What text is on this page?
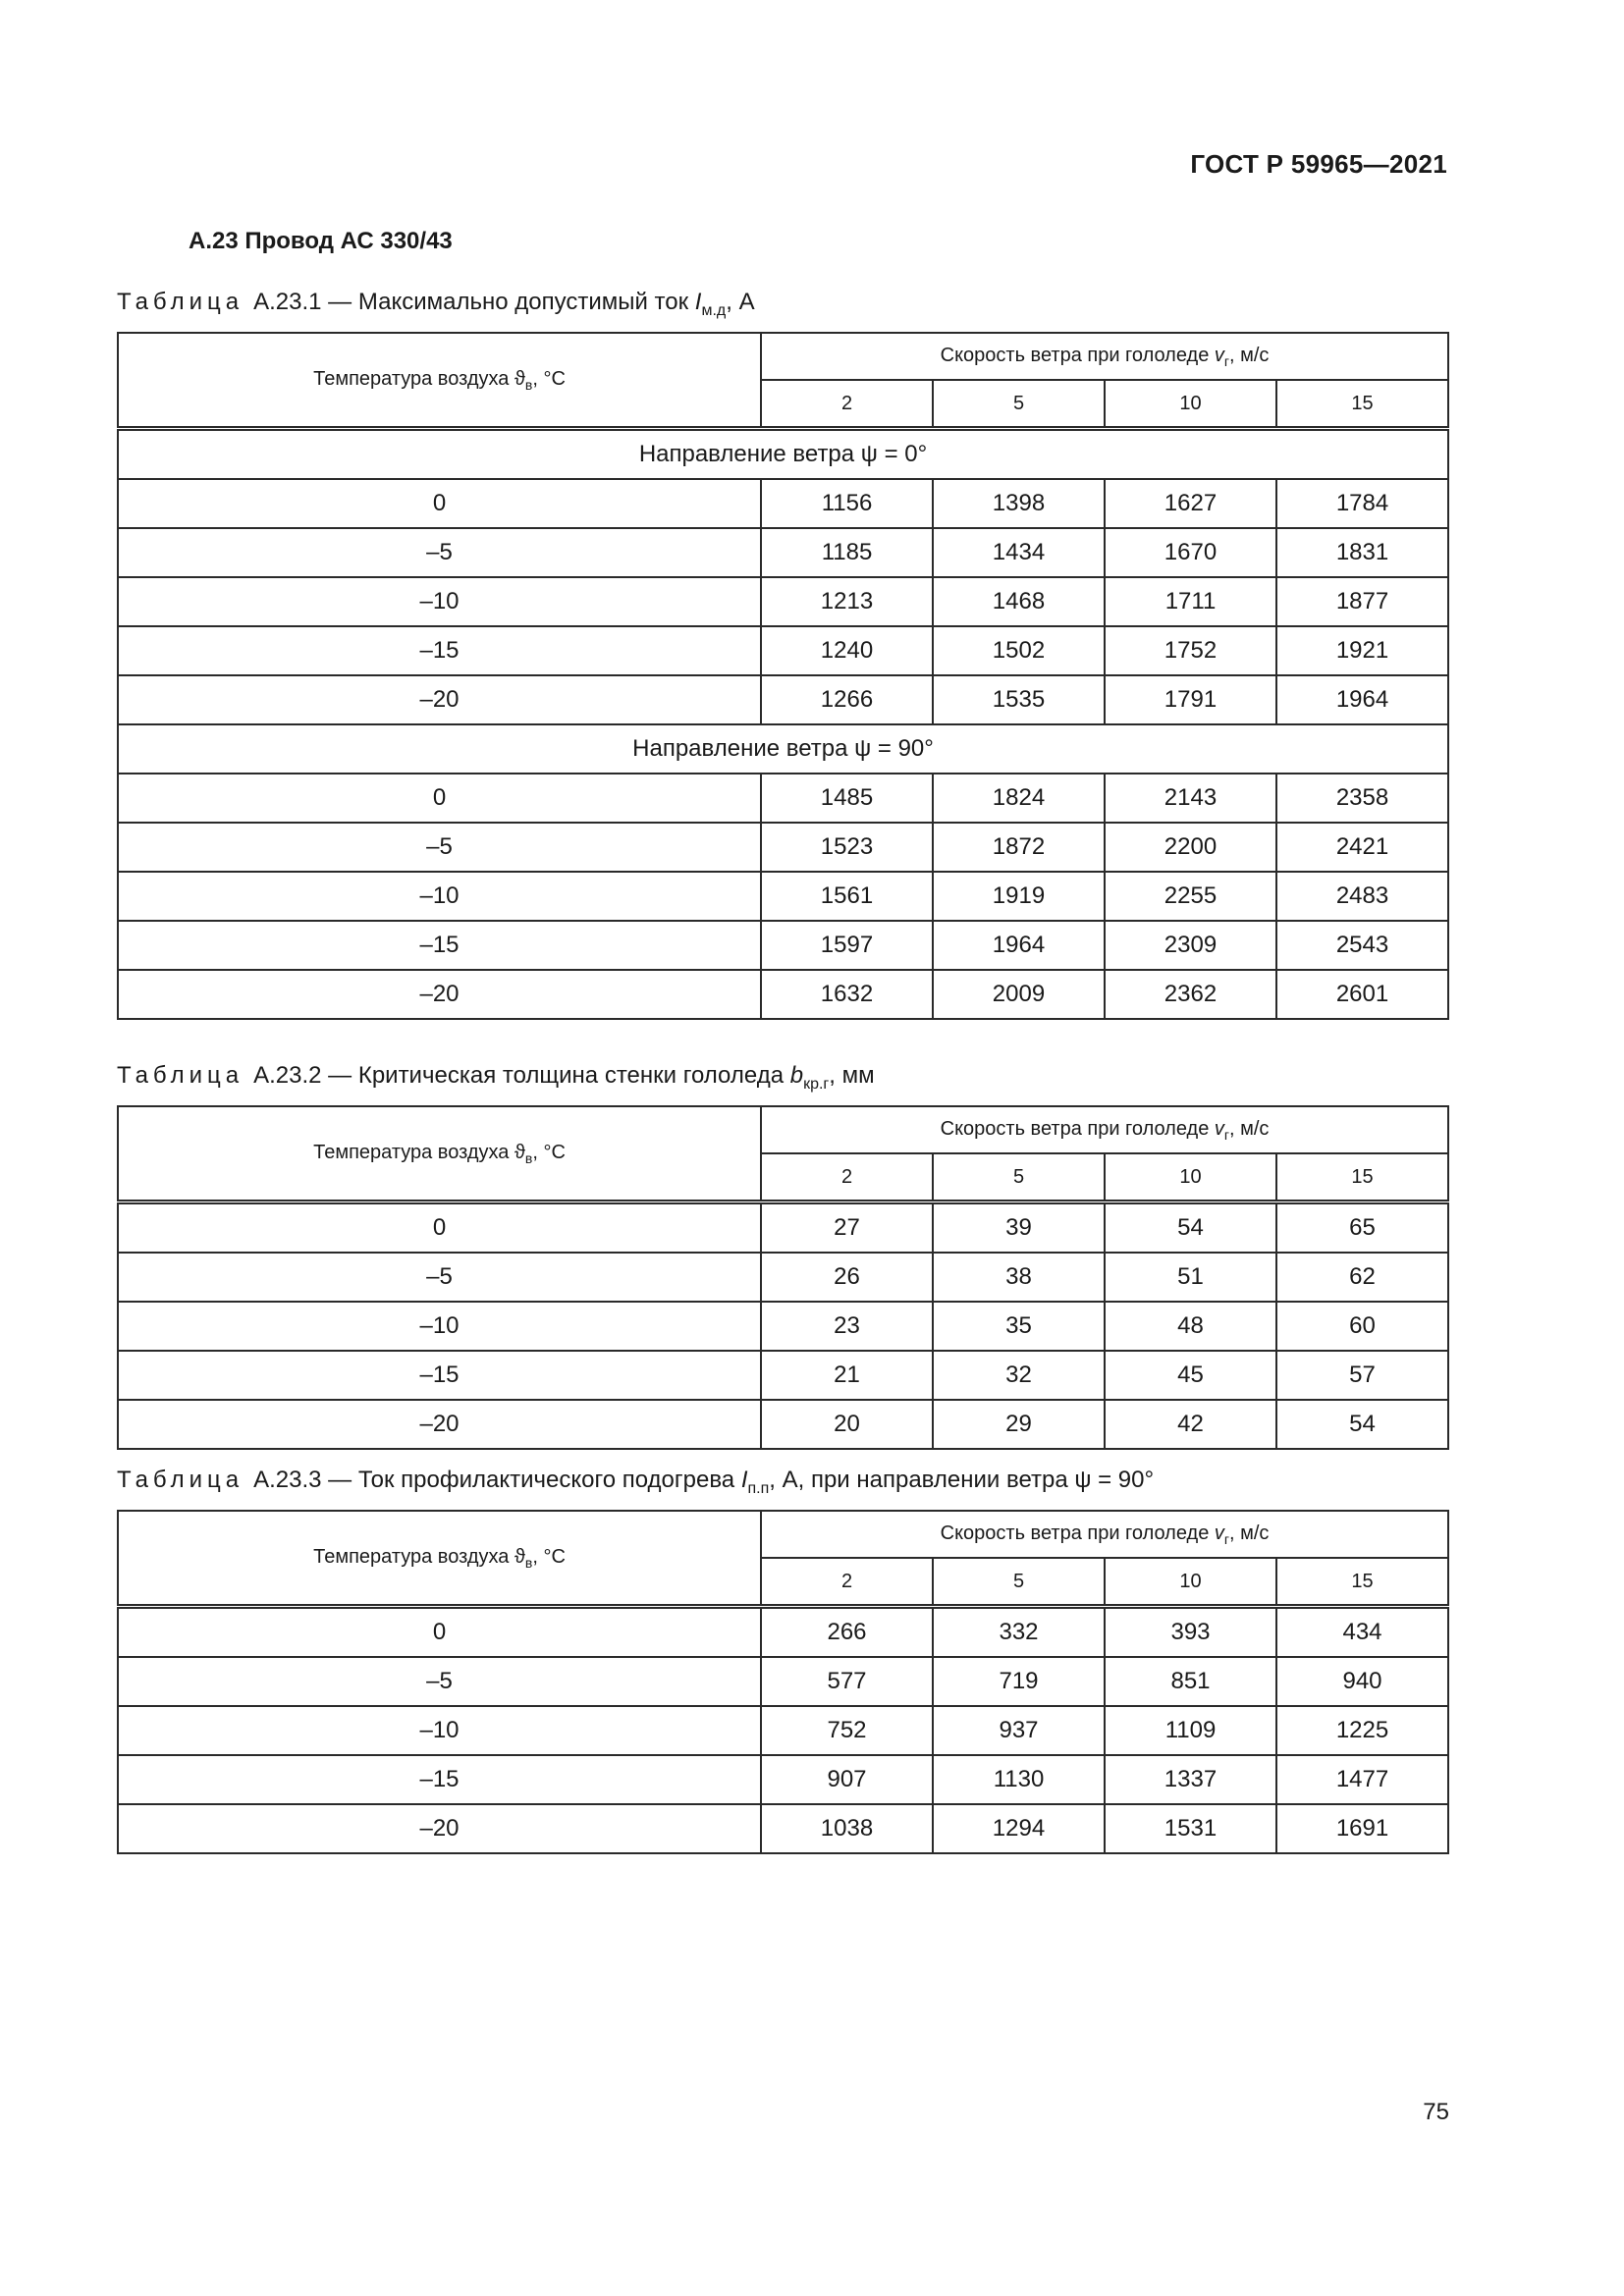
ГОСТ Р 59965—2021
А.23 Провод АС 330/43
Таблица А.23.1 — Максимально допустимый ток $I_{м.д}$, А
Температура воздуха $ϑ_в$, °С	Скорость ветра при гололеде $v_г$, м/с			
	2	5	10	15
Направление ветра ψ = 0°				
0	1156	1398	1627	1784
–5	1185	1434	1670	1831
–10	1213	1468	1711	1877
–15	1240	1502	1752	1921
–20	1266	1535	1791	1964
Направление ветра ψ = 90°				
0	1485	1824	2143	2358
–5	1523	1872	2200	2421
–10	1561	1919	2255	2483
–15	1597	1964	2309	2543
–20	1632	2009	2362	2601
Таблица А.23.2 — Критическая толщина стенки гололеда $b_{кр.г}$, мм
Температура воздуха $ϑ_в$, °С	Скорость ветра при гололеде $v_г$, м/с			
	2	5	10	15
0	27	39	54	65
–5	26	38	51	62
–10	23	35	48	60
–15	21	32	45	57
–20	20	29	42	54
Таблица А.23.3 — Ток профилактического подогрева $I_{п.п}$, А, при направлении ветра ψ = 90°
Температура воздуха $ϑ_в$, °С	Скорость ветра при гололеде $v_г$, м/с			
	2	5	10	15
0	266	332	393	434
–5	577	719	851	940
–10	752	937	1109	1225
–15	907	1130	1337	1477
–20	1038	1294	1531	1691
75
